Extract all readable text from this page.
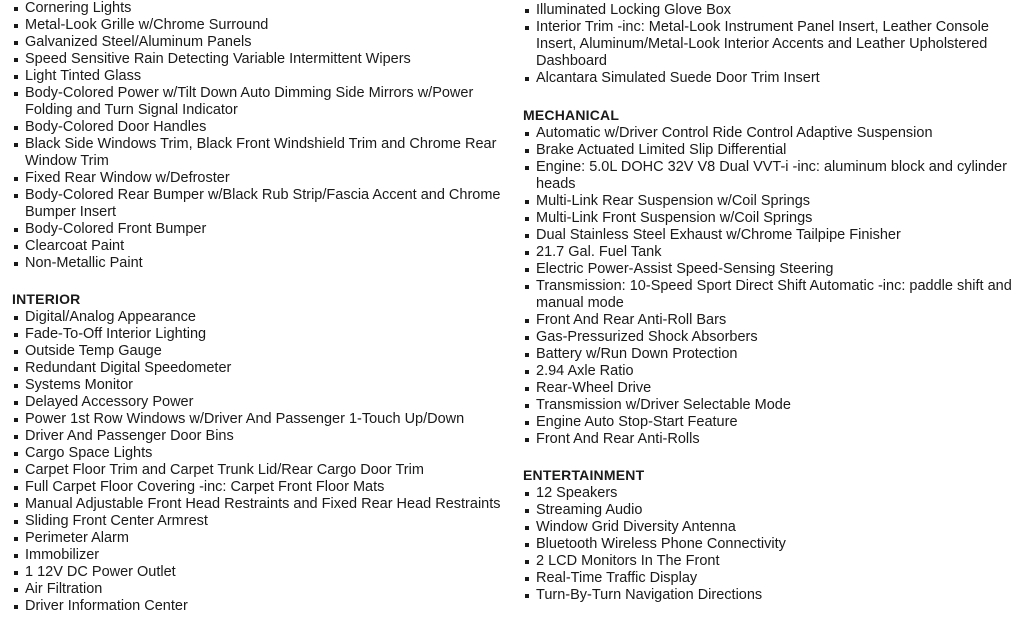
Cornering Lights
Metal-Look Grille w/Chrome Surround
Galvanized Steel/Aluminum Panels
Speed Sensitive Rain Detecting Variable Intermittent Wipers
Light Tinted Glass
Body-Colored Power w/Tilt Down Auto Dimming Side Mirrors w/Power Folding and Turn Signal Indicator
Body-Colored Door Handles
Black Side Windows Trim, Black Front Windshield Trim and Chrome Rear Window Trim
Fixed Rear Window w/Defroster
Body-Colored Rear Bumper w/Black Rub Strip/Fascia Accent and Chrome Bumper Insert
Body-Colored Front Bumper
Clearcoat Paint
Non-Metallic Paint
INTERIOR
Digital/Analog Appearance
Fade-To-Off Interior Lighting
Outside Temp Gauge
Redundant Digital Speedometer
Systems Monitor
Delayed Accessory Power
Power 1st Row Windows w/Driver And Passenger 1-Touch Up/Down
Driver And Passenger Door Bins
Cargo Space Lights
Carpet Floor Trim and Carpet Trunk Lid/Rear Cargo Door Trim
Full Carpet Floor Covering -inc: Carpet Front Floor Mats
Manual Adjustable Front Head Restraints and Fixed Rear Head Restraints
Sliding Front Center Armrest
Perimeter Alarm
Immobilizer
1 12V DC Power Outlet
Air Filtration
Driver Information Center
Illuminated Locking Glove Box
Interior Trim -inc: Metal-Look Instrument Panel Insert, Leather Console Insert, Aluminum/Metal-Look Interior Accents and Leather Upholstered Dashboard
Alcantara Simulated Suede Door Trim Insert
MECHANICAL
Automatic w/Driver Control Ride Control Adaptive Suspension
Brake Actuated Limited Slip Differential
Engine: 5.0L DOHC 32V V8 Dual VVT-i -inc: aluminum block and cylinder heads
Multi-Link Rear Suspension w/Coil Springs
Multi-Link Front Suspension w/Coil Springs
Dual Stainless Steel Exhaust w/Chrome Tailpipe Finisher
21.7 Gal. Fuel Tank
Electric Power-Assist Speed-Sensing Steering
Transmission: 10-Speed Sport Direct Shift Automatic -inc: paddle shift and manual mode
Front And Rear Anti-Roll Bars
Gas-Pressurized Shock Absorbers
Battery w/Run Down Protection
2.94 Axle Ratio
Rear-Wheel Drive
Transmission w/Driver Selectable Mode
Engine Auto Stop-Start Feature
Front And Rear Anti-Rolls
ENTERTAINMENT
12 Speakers
Streaming Audio
Window Grid Diversity Antenna
Bluetooth Wireless Phone Connectivity
2 LCD Monitors In The Front
Real-Time Traffic Display
Turn-By-Turn Navigation Directions
